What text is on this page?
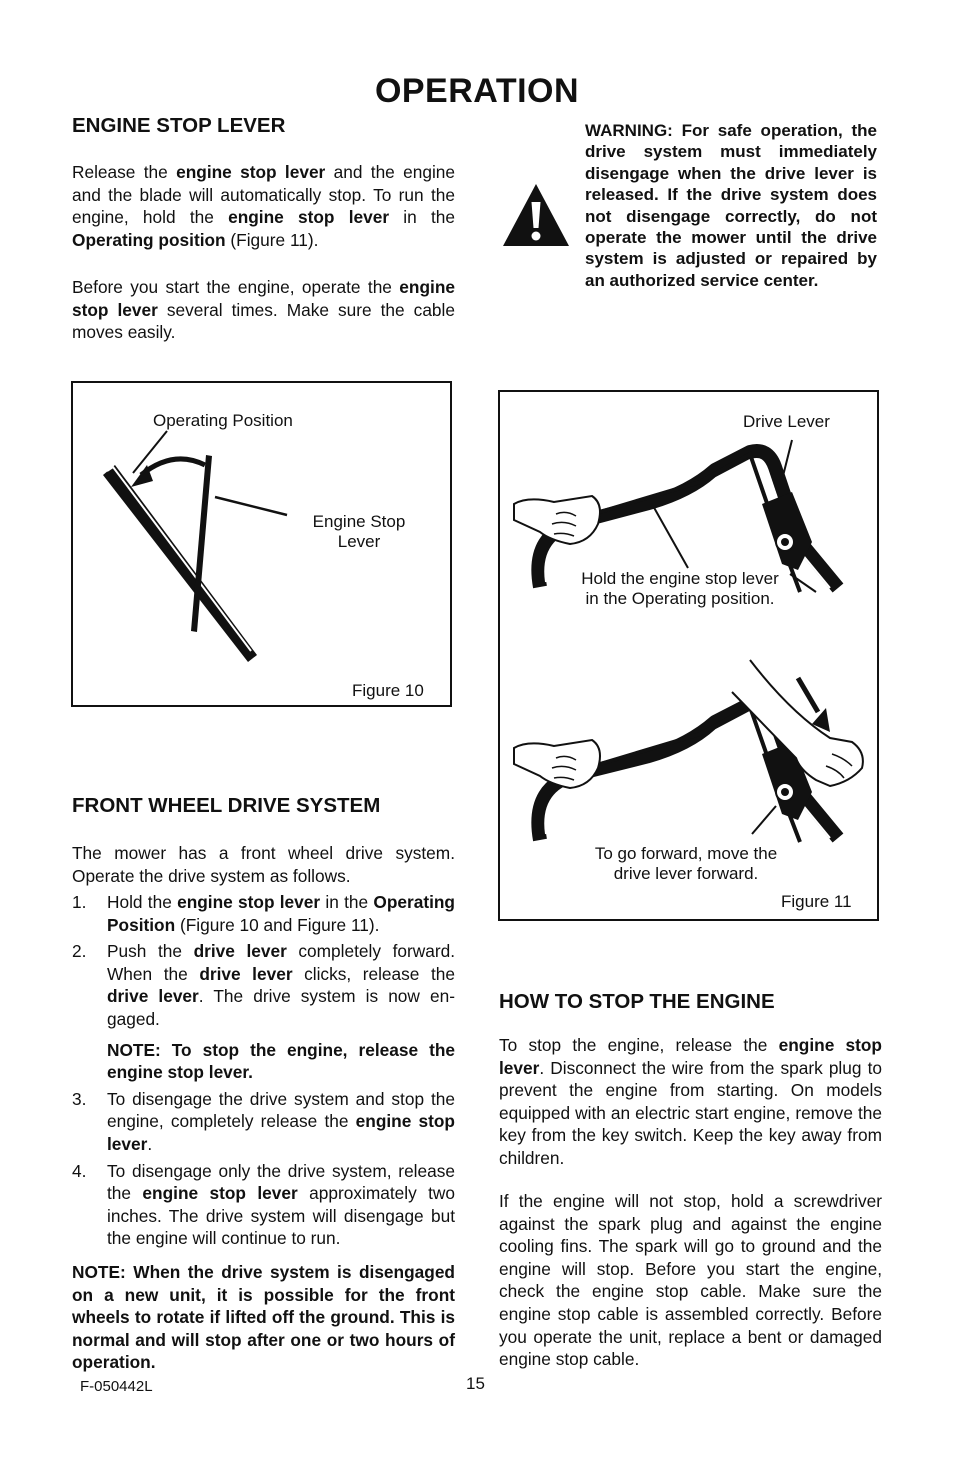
OPERATION
ENGINE STOP LEVER

Release the engine stop lever and the engine and the blade will automatically stop. To run the engine, hold the engine stop lever in the Operating position (Figure 11).

Before you start the engine, operate the engine stop lever several times. Make sure the cable moves easily.

WARNING: For safe operation, the drive system must immediately disengage when the drive lever is released. If the drive system does not disengage correctly, do not operate the mower until the drive system is adjusted or repaired by an authorized service center.

Operating Position
Engine Stop
Lever
Figure 10
Drive Lever
Hold the engine stop lever
in the Operating position.
To go forward, move the
drive lever forward.
Figure 11
FRONT WHEEL DRIVE SYSTEM

The mower has a front wheel drive system. Operate the drive system as follows.

1. Hold the engine stop lever in the Operating Position (Figure 10 and Figure 11).
2. Push the drive lever completely forward. When the drive lever clicks, release the drive lever. The drive system is now engaged.
NOTE: To stop the engine, release the engine stop lever.
3. To disengage the drive system and stop the engine, completely release the engine stop lever.
4. To disengage only the drive system, release the engine stop lever approximately two inches. The drive system will disengage but the engine will continue to run.

NOTE: When the drive system is disengaged on a new unit, it is possible for the front wheels to rotate if lifted off the ground. This is normal and will stop after one or two hours of operation.

HOW TO STOP THE ENGINE

To stop the engine, release the engine stop lever. Disconnect the wire from the spark plug to prevent the engine from starting. On models equipped with an electric start engine, remove the key from the key switch. Keep the key away from children.

If the engine will not stop, hold a screwdriver against the spark plug and against the engine cooling fins. The spark will go to ground and the engine will stop. Before you start the engine, check the engine stop cable. Make sure the engine stop cable is assembled correctly. Before you operate the unit, replace a bent or damaged engine stop cable.

F-050442L	15
